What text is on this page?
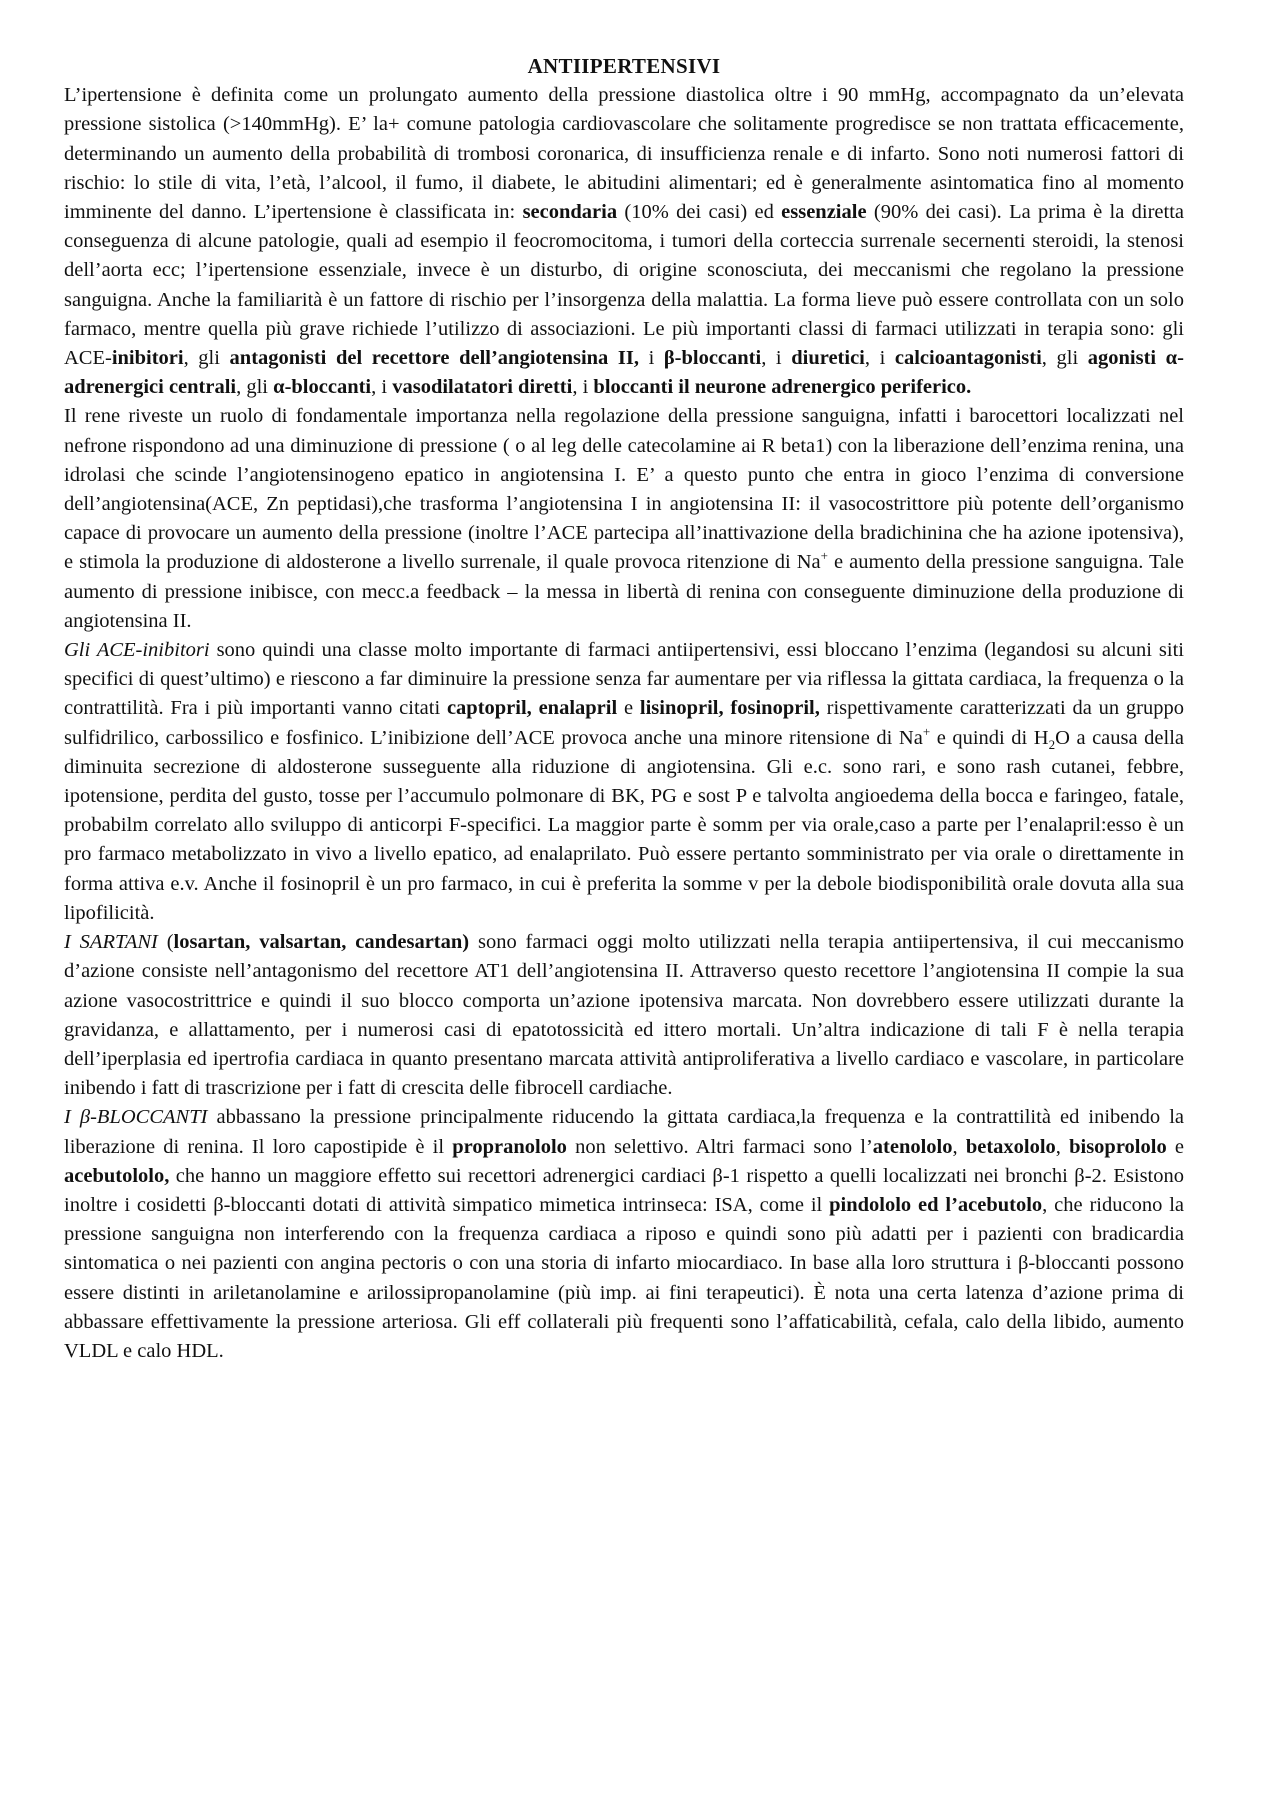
ANTIIPERTENSIVI

L’ipertensione è definita come un prolungato aumento della pressione diastolica oltre i 90 mmHg, accompagnato da un’elevata pressione sistolica (>140mmHg). E’ la+ comune patologia cardiovascolare che solitamente progredisce se non trattata efficacemente, determinando un aumento della probabilità di trombosi coronarica, di insufficienza renale e di infarto. Sono noti numerosi fattori di rischio: lo stile di vita, l’età, l’alcool, il fumo, il diabete, le abitudini alimentari; ed è generalmente asintomatica fino al momento imminente del danno. L’ipertensione è classificata in: secondaria (10% dei casi) ed essenziale (90% dei casi). La prima è la diretta conseguenza di alcune patologie, quali ad esempio il feocromocitoma, i tumori della corteccia surrenale secernenti steroidi, la stenosi dell’aorta ecc; l’ipertensione essenziale, invece è un disturbo, di origine sconosciuta, dei meccanismi che regolano la pressione sanguigna. Anche la familiarità è un fattore di rischio per l’insorgenza della malattia. La forma lieve può essere controllata con un solo farmaco, mentre quella più grave richiede l’utilizzo di associazioni. Le più importanti classi di farmaci utilizzati in terapia sono: gli ACE-inibitori, gli antagonisti del recettore dell’angiotensina II, i β-bloccanti, i diuretici, i calcioantagonisti, gli agonisti α-adrenergici centrali, gli α-bloccanti, i vasodilatatori diretti, i bloccanti il neurone adrenergico periferico.

Il rene riveste un ruolo di fondamentale importanza nella regolazione della pressione sanguigna, infatti i barocettori localizzati nel nefrone rispondono ad una diminuzione di pressione ( o al leg delle catecolamine ai R beta1) con la liberazione dell’enzima renina, una idrolasi che scinde l’angiotensinogeno epatico in angiotensina I. E’ a questo punto che entra in gioco l’enzima di conversione dell’angiotensina(ACE, Zn peptidasi),che trasforma l’angiotensina I in angiotensina II: il vasocostrittore più potente dell’organismo capace di provocare un aumento della pressione (inoltre l’ACE partecipa all’inattivazione della bradichinina che ha azione ipotensiva), e stimola la produzione di aldosterone a livello surrenale, il quale provoca ritenzione di Na+ e aumento della pressione sanguigna. Tale aumento di pressione inibisce, con mecc.a feedback – la messa in libertà di renina con conseguente diminuzione della produzione di angiotensina II.

Gli ACE-inibitori sono quindi una classe molto importante di farmaci antiipertensivi, essi bloccano l’enzima (legandosi su alcuni siti specifici di quest’ultimo) e riescono a far diminuire la pressione senza far aumentare per via riflessa la gittata cardiaca, la frequenza o la contrattilità. Fra i più importanti vanno citati captopril, enalapril e lisinopril, fosinopril, rispettivamente caratterizzati da un gruppo sulfidrilico, carbossilico e fosfinico. L’inibizione dell’ACE provoca anche una minore ritensione di Na+ e quindi di $H_2O$ a causa della diminuita secrezione di aldosterone susseguente alla riduzione di angiotensina. Gli e.c. sono rari, e sono rash cutanei, febbre, ipotensione, perdita del gusto, tosse per l’accumulo polmonare di BK, PG e sost P e talvolta angioedema della bocca e faringeo, fatale, probabilm correlato allo sviluppo di anticorpi F-specifici. La maggior parte è somm per via orale,caso a parte per l’enalapril:esso è un pro farmaco metabolizzato in vivo a livello epatico, ad enalaprilato. Può essere pertanto somministrato per via orale o direttamente in forma attiva e.v. Anche il fosinopril è un pro farmaco, in cui è preferita la somme v per la debole biodisponibilità orale dovuta alla sua lipofilicità.

I SARTANI (losartan, valsartan, candesartan) sono farmaci oggi molto utilizzati nella terapia antiipertensiva, il cui meccanismo d’azione consiste nell’antagonismo del recettore AT1 dell’angiotensina II. Attraverso questo recettore l’angiotensina II compie la sua azione vasocostrittrice e quindi il suo blocco comporta un’azione ipotensiva marcata. Non dovrebbero essere utilizzati durante la gravidanza, e allattamento, per i numerosi casi di epatotossicità ed ittero mortali. Un’altra indicazione di tali F è nella terapia dell’iperplasia ed ipertrofia cardiaca in quanto presentano marcata attività antiproliferativa a livello cardiaco e vascolare, in particolare inibendo i fatt di trascrizione per i fatt di crescita delle fibrocell cardiache.

I β-BLOCCANTI abbassano la pressione principalmente riducendo la gittata cardiaca,la frequenza e la contrattilità ed inibendo la liberazione di renina. Il loro capostipide è il propranololo non selettivo. Altri farmaci sono l’atenololo, betaxololo, bisoprololo e acebutololo, che hanno un maggiore effetto sui recettori adrenergici cardiaci β-1 rispetto a quelli localizzati nei bronchi β-2. Esistono inoltre i cosidetti β-bloccanti dotati di attività simpatico mimetica intrinseca: ISA, come il pindololo ed l’acebutolo, che riducono la pressione sanguigna non interferendo con la frequenza cardiaca a riposo e quindi sono più adatti per i pazienti con bradicardia sintomatica o nei pazienti con angina pectoris o con una storia di infarto miocardiaco. In base alla loro struttura i β-bloccanti possono essere distinti in ariletanolamine e arilossipropanolamine (più imp. ai fini terapeutici). È nota una certa latenza d’azione prima di abbassare effettivamente la pressione arteriosa. Gli eff collaterali più frequenti sono l’affaticabilità, cefala, calo della libido, aumento VLDL e calo HDL.
